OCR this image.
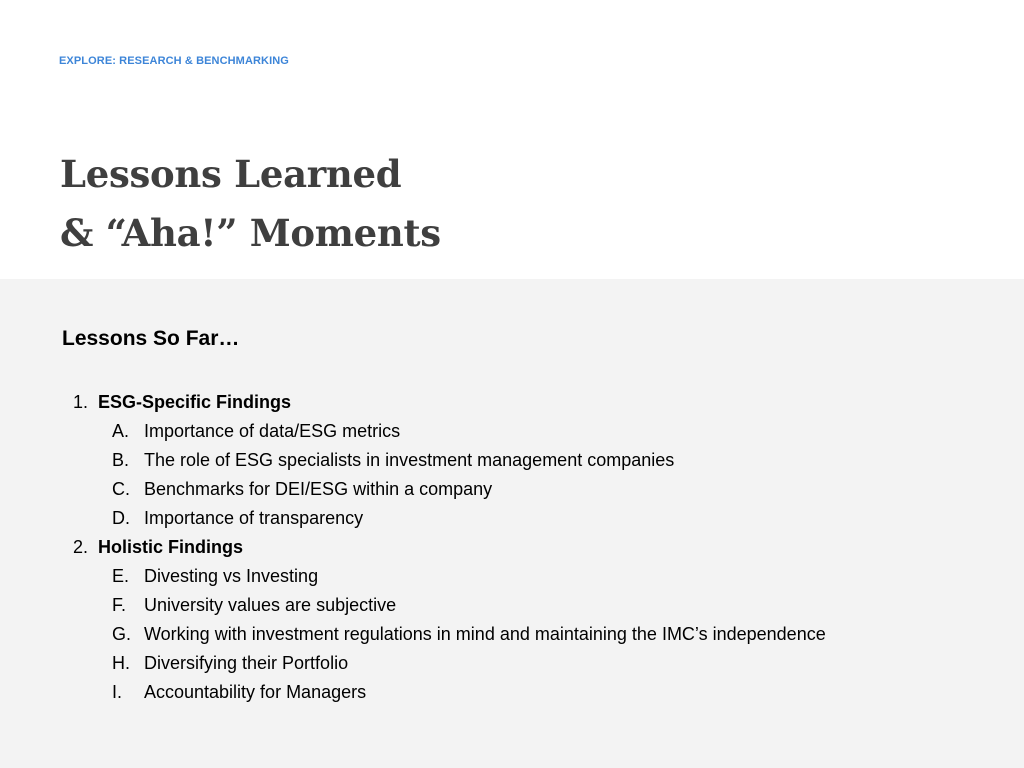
EXPLORE: RESEARCH & BENCHMARKING
Lessons Learned
& “Aha!” Moments
Lessons So Far…
1. ESG-Specific Findings
A. Importance of data/ESG metrics
B. The role of ESG specialists in investment management companies
C. Benchmarks for DEI/ESG within a company
D. Importance of transparency
2. Holistic Findings
E. Divesting vs Investing
F. University values are subjective
G. Working with investment regulations in mind and maintaining the IMC’s independence
H. Diversifying their Portfolio
I.	Accountability for Managers
